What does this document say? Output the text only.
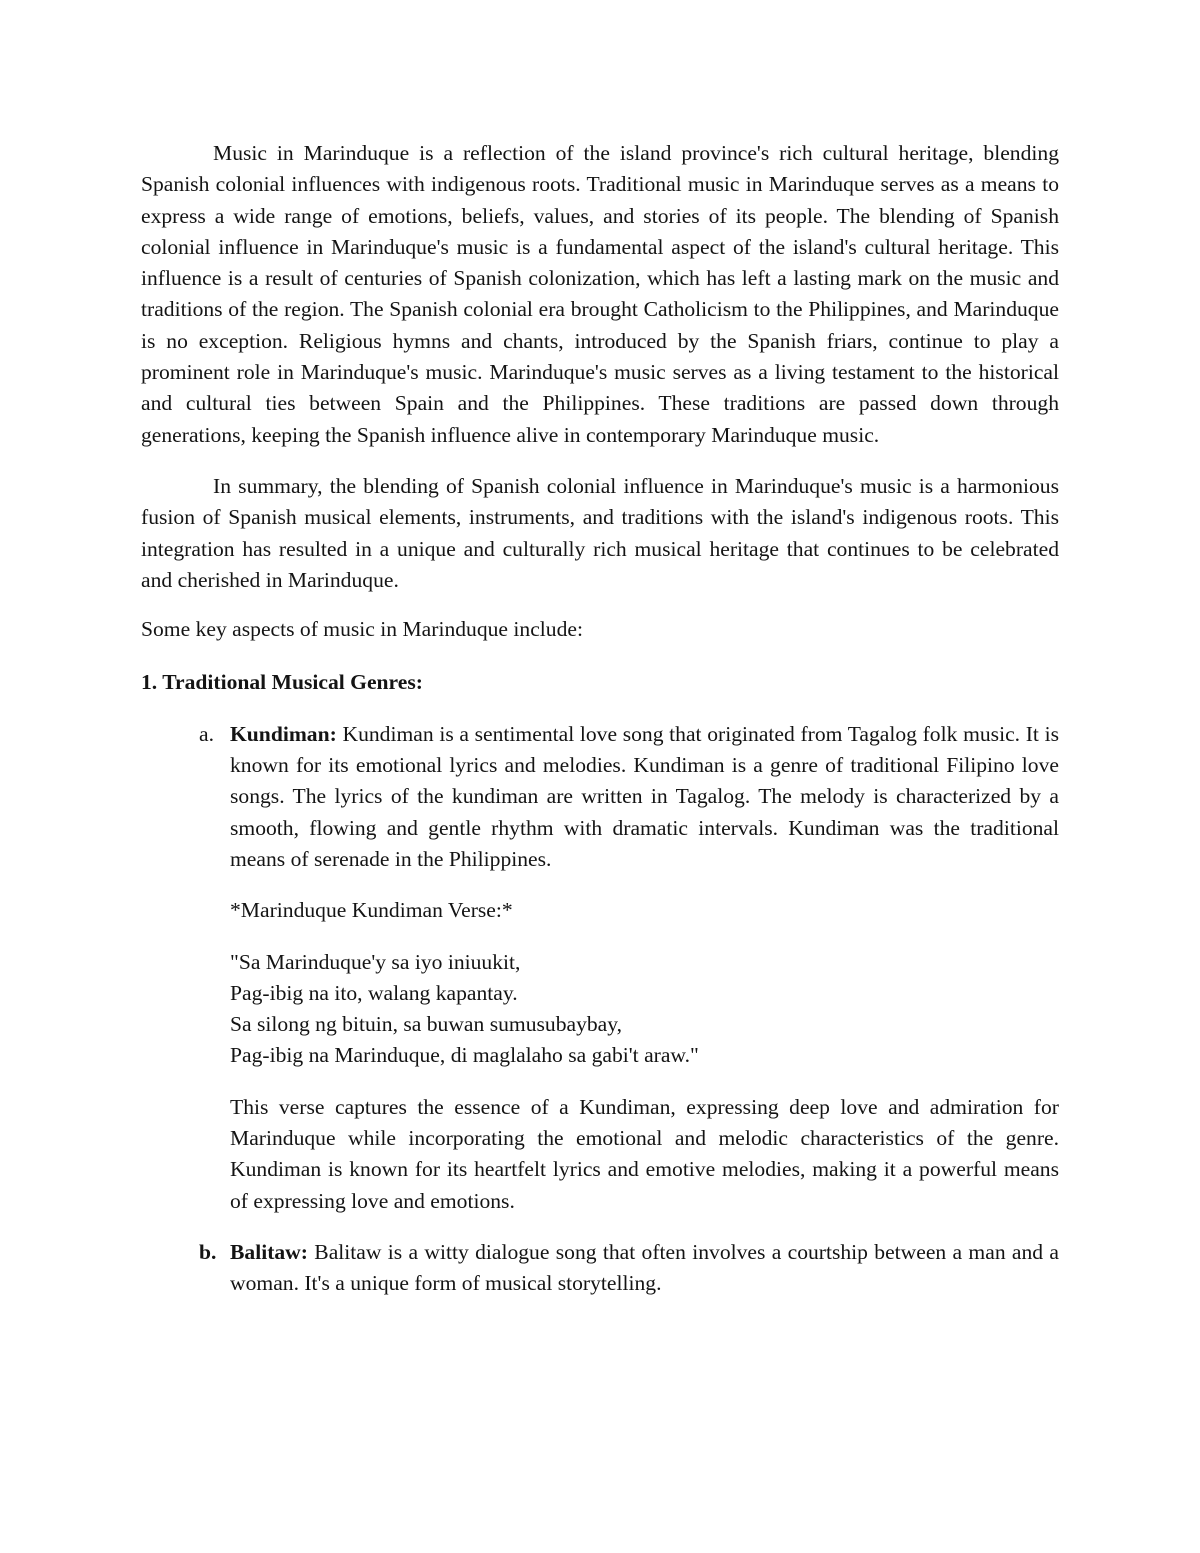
Music in Marinduque is a reflection of the island province's rich cultural heritage, blending Spanish colonial influences with indigenous roots. Traditional music in Marinduque serves as a means to express a wide range of emotions, beliefs, values, and stories of its people. The blending of Spanish colonial influence in Marinduque's music is a fundamental aspect of the island's cultural heritage. This influence is a result of centuries of Spanish colonization, which has left a lasting mark on the music and traditions of the region. The Spanish colonial era brought Catholicism to the Philippines, and Marinduque is no exception. Religious hymns and chants, introduced by the Spanish friars, continue to play a prominent role in Marinduque's music. Marinduque's music serves as a living testament to the historical and cultural ties between Spain and the Philippines. These traditions are passed down through generations, keeping the Spanish influence alive in contemporary Marinduque music.

In summary, the blending of Spanish colonial influence in Marinduque's music is a harmonious fusion of Spanish musical elements, instruments, and traditions with the island's indigenous roots. This integration has resulted in a unique and culturally rich musical heritage that continues to be celebrated and cherished in Marinduque.

Some key aspects of music in Marinduque include:

1. Traditional Musical Genres:

a. Kundiman: Kundiman is a sentimental love song that originated from Tagalog folk music. It is known for its emotional lyrics and melodies. Kundiman is a genre of traditional Filipino love songs. The lyrics of the kundiman are written in Tagalog. The melody is characterized by a smooth, flowing and gentle rhythm with dramatic intervals. Kundiman was the traditional means of serenade in the Philippines.

*Marinduque Kundiman Verse:*

"Sa Marinduque'y sa iyo iniuukit,

Pag-ibig na ito, walang kapantay.

Sa silong ng bituin, sa buwan sumusubaybay,

Pag-ibig na Marinduque, di maglalaho sa gabi't araw."

This verse captures the essence of a Kundiman, expressing deep love and admiration for Marinduque while incorporating the emotional and melodic characteristics of the genre. Kundiman is known for its heartfelt lyrics and emotive melodies, making it a powerful means of expressing love and emotions.

b. Balitaw: Balitaw is a witty dialogue song that often involves a courtship between a man and a woman. It's a unique form of musical storytelling.
